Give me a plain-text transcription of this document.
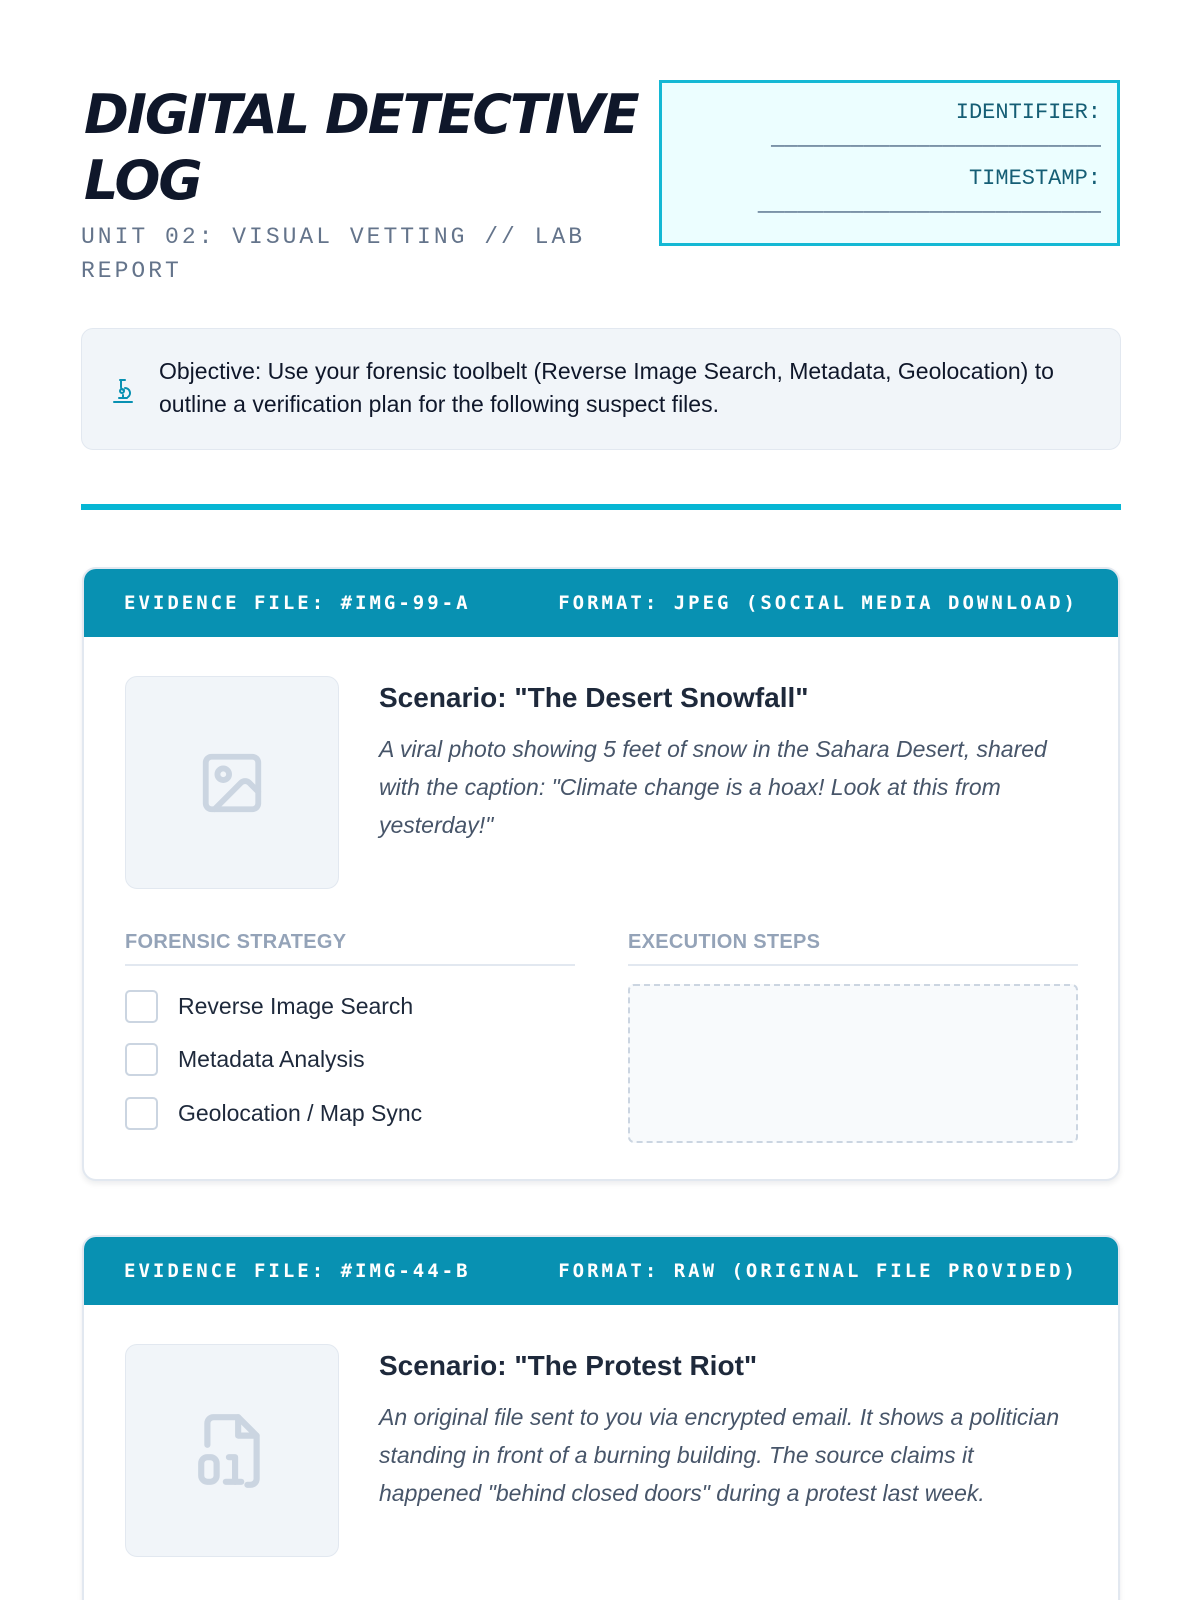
DIGITAL DETECTIVE LOG
UNIT 02: VISUAL VETTING // LAB REPORT
IDENTIFIER:
_________________________
TIMESTAMP:
__________________________
Objective: Use your forensic toolbelt (Reverse Image Search, Metadata, Geolocation) to outline a verification plan for the following suspect files.
EVIDENCE FILE: #IMG-99-A	FORMAT: JPEG (SOCIAL MEDIA DOWNLOAD)
Scenario: "The Desert Snowfall"
A viral photo showing 5 feet of snow in the Sahara Desert, shared with the caption: "Climate change is a hoax! Look at this from yesterday!"
FORENSIC STRATEGY	EXECUTION STEPS
Reverse Image Search
Metadata Analysis
Geolocation / Map Sync
EVIDENCE FILE: #IMG-44-B	FORMAT: RAW (ORIGINAL FILE PROVIDED)
Scenario: "The Protest Riot"
An original file sent to you via encrypted email. It shows a politician standing in front of a burning building. The source claims it happened "behind closed doors" during a protest last week.
